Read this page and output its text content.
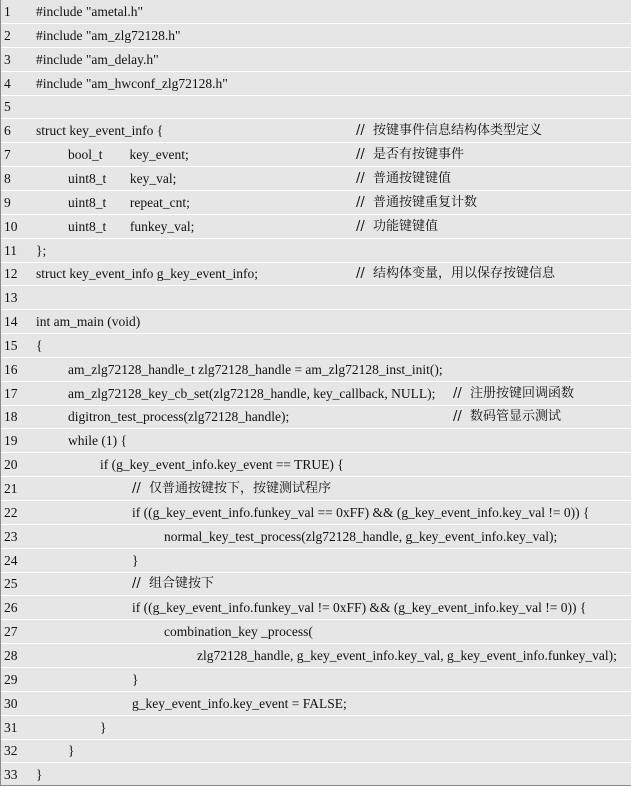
1 #include "ametal.h"
2 #include "am_zlg72128.h"
3 #include "am_delay.h"
4 #include "am_hwconf_zlg72128.h"
5
6 struct key_event_info {	//  按键事件信息结构体类型定义
7	bool_t        key_event;	//  是否有按键事件
8	uint8_t       key_val;	//  普通按键键值
9	uint8_t       repeat_cnt;	//  普通按键重复计数
10	uint8_t       funkey_val;	//  功能键键值
11 };
12 struct key_event_info g_key_event_info;	//  结构体变量，用以保存按键信息
13
14 int am_main (void)
15 {
16	am_zlg72128_handle_t zlg72128_handle = am_zlg72128_inst_init();
17	am_zlg72128_key_cb_set(zlg72128_handle, key_callback, NULL); //  注册按键回调函数
18	digitron_test_process(zlg72128_handle);	//  数码管显示测试
19	while (1) {
20	if (g_key_event_info.key_event == TRUE) {
21	//  仅普通按键按下，按键测试程序
22	if ((g_key_event_info.funkey_val == 0xFF) && (g_key_event_info.key_val != 0)) {
23	normal_key_test_process(zlg72128_handle, g_key_event_info.key_val);
24	}
25	//  组合键按下
26	if ((g_key_event_info.funkey_val != 0xFF) && (g_key_event_info.key_val != 0)) {
27	combination_key _process(
28	zlg72128_handle, g_key_event_info.key_val, g_key_event_info.funkey_val);
29	}
30	g_key_event_info.key_event = FALSE;
31	}
32	}
33 }
